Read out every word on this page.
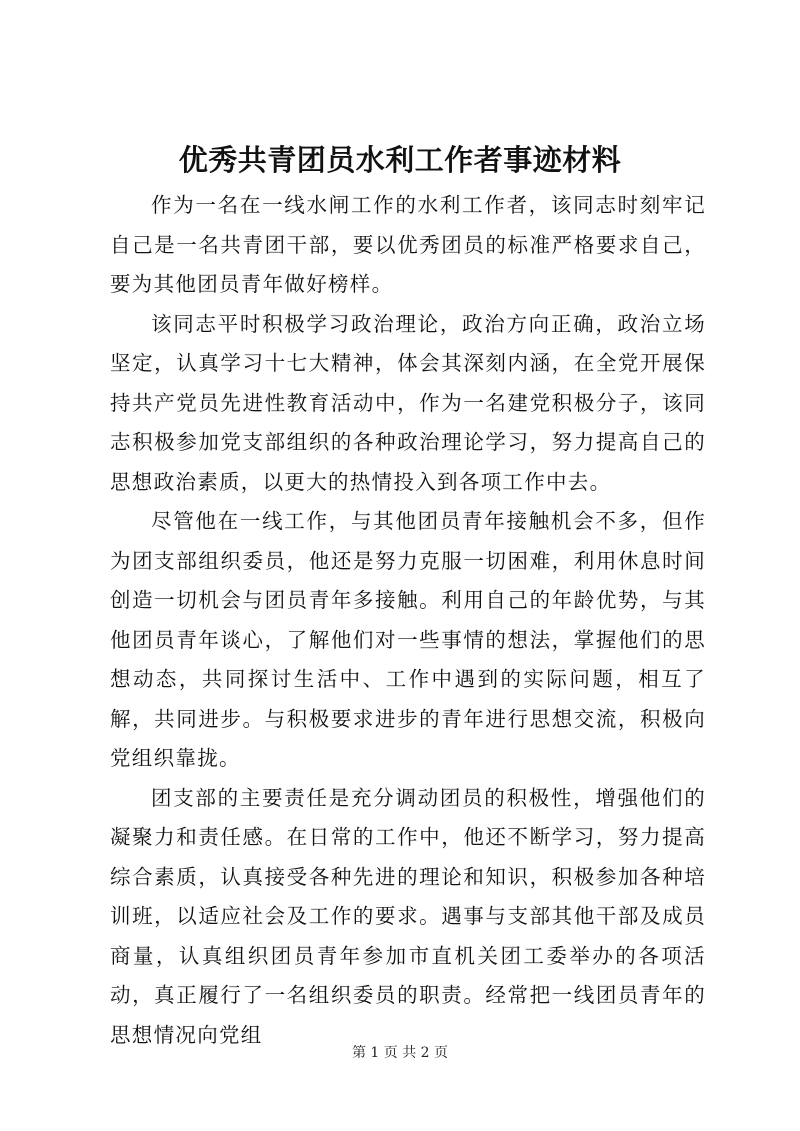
优秀共青团员水利工作者事迹材料

作为一名在一线水闸工作的水利工作者，该同志时刻牢记自己是一名共青团干部，要以优秀团员的标准严格要求自己，要为其他团员青年做好榜样。

该同志平时积极学习政治理论，政治方向正确，政治立场坚定，认真学习十七大精神，体会其深刻内涵，在全党开展保持共产党员先进性教育活动中，作为一名建党积极分子，该同志积极参加党支部组织的各种政治理论学习，努力提高自己的思想政治素质，以更大的热情投入到各项工作中去。

尽管他在一线工作，与其他团员青年接触机会不多，但作为团支部组织委员，他还是努力克服一切困难，利用休息时间创造一切机会与团员青年多接触。利用自己的年龄优势，与其他团员青年谈心，了解他们对一些事情的想法，掌握他们的思想动态，共同探讨生活中、工作中遇到的实际问题，相互了解，共同进步。与积极要求进步的青年进行思想交流，积极向党组织靠拢。

团支部的主要责任是充分调动团员的积极性，增强他们的凝聚力和责任感。在日常的工作中，他还不断学习，努力提高综合素质，认真接受各种先进的理论和知识，积极参加各种培训班，以适应社会及工作的要求。遇事与支部其他干部及成员商量，认真组织团员青年参加市直机关团工委举办的各项活动，真正履行了一名组织委员的职责。经常把一线团员青年的思想情况向党组

第 1 页 共 2 页
